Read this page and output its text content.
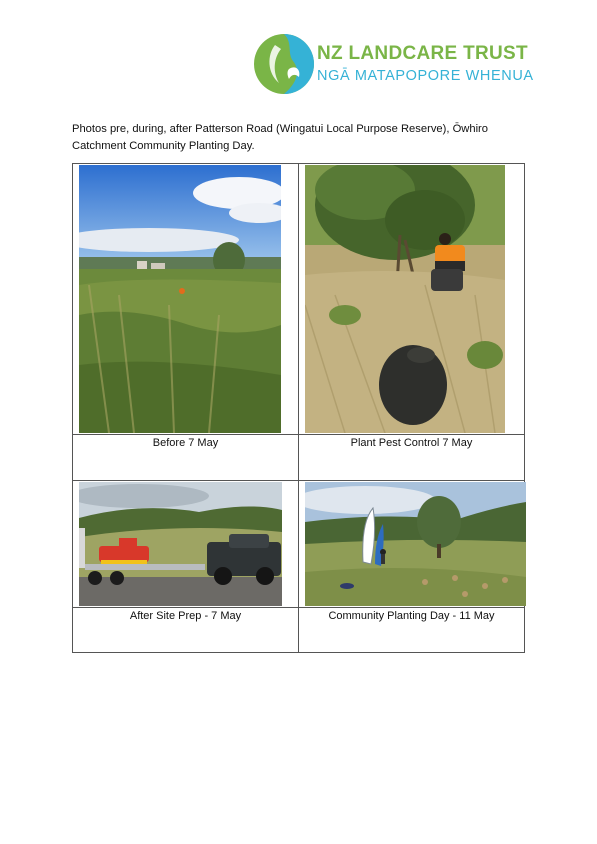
NZ LANDCARE TRUST
NGĀ MATAPOPORE WHENUA
Photos pre, during, after Patterson Road (Wingatui Local Purpose Reserve), Ōwhiro Catchment Community Planting Day.

Before 7 May	Plant Pest Control 7 May

After Site Prep - 7 May	Community Planting Day - 11 May
